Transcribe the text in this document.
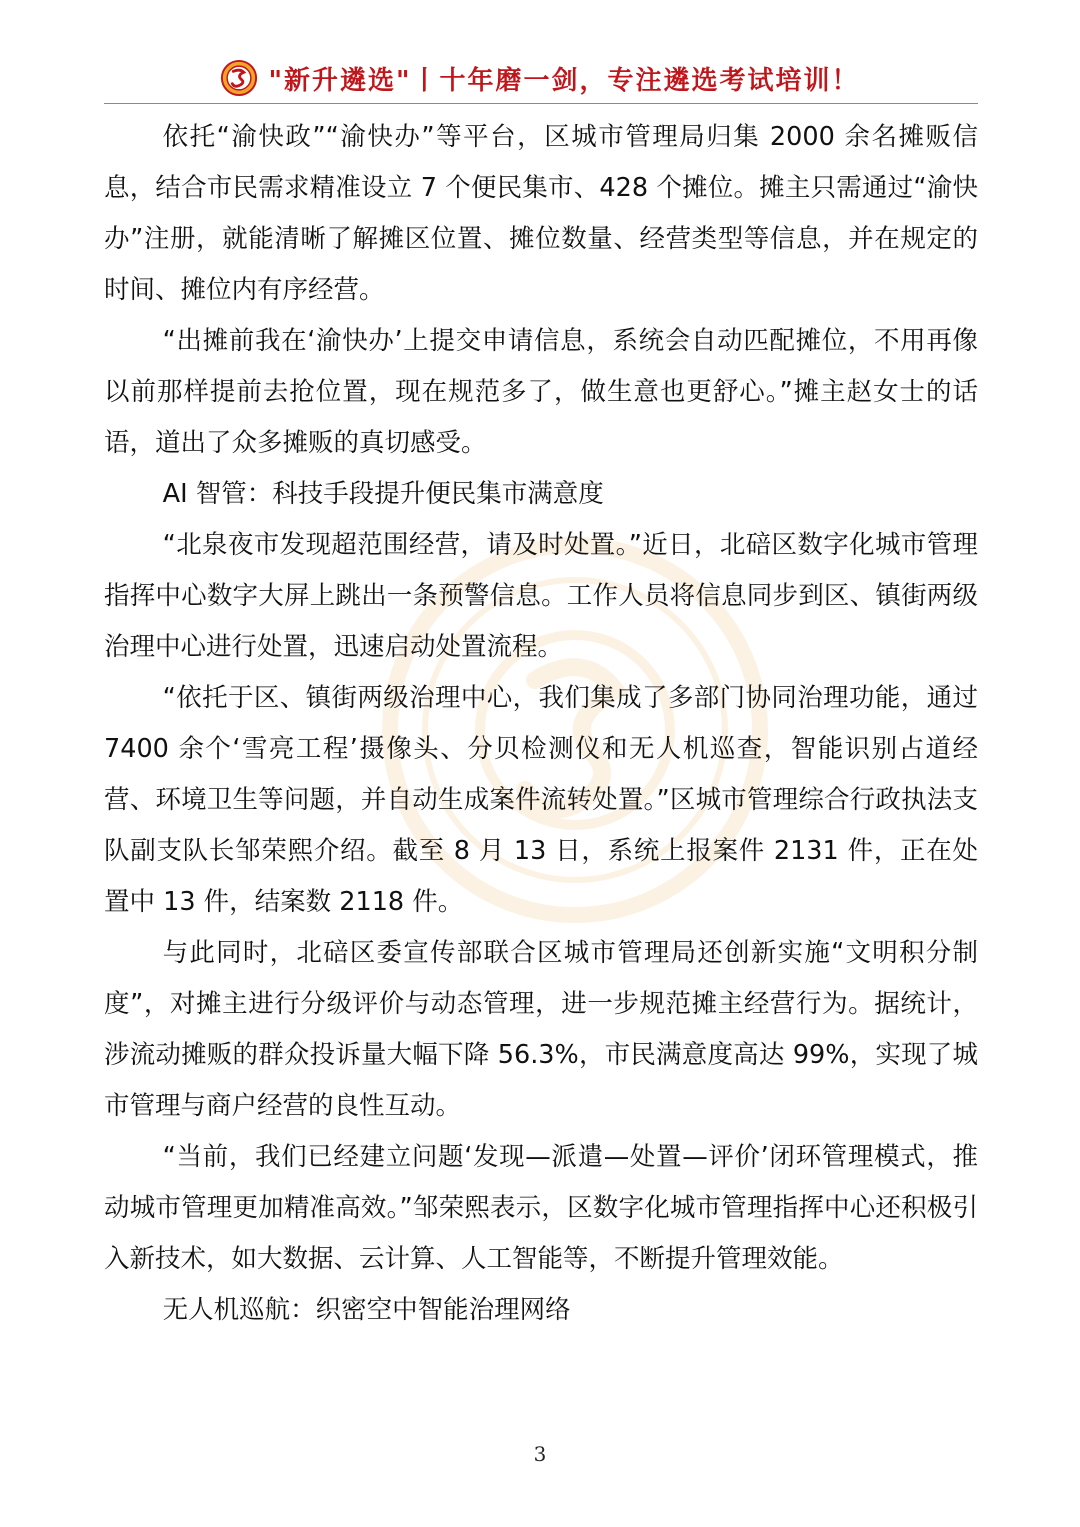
"新升遴选"丨十年磨一剑，专注遴选考试培训！

依托“渝快政”“渝快办”等平台，区城市管理局归集 2000 余名摊贩信息，结合市民需求精准设立 7 个便民集市、428 个摊位。摊主只需通过“渝快办”注册，就能清晰了解摊区位置、摊位数量、经营类型等信息，并在规定的时间、摊位内有序经营。

“出摊前我在‘渝快办’上提交申请信息，系统会自动匹配摊位，不用再像以前那样提前去抢位置，现在规范多了，做生意也更舒心。”摊主赵女士的话语，道出了众多摊贩的真切感受。

AI 智管：科技手段提升便民集市满意度

“北泉夜市发现超范围经营，请及时处置。”近日，北碚区数字化城市管理指挥中心数字大屏上跳出一条预警信息。工作人员将信息同步到区、镇街两级治理中心进行处置，迅速启动处置流程。

“依托于区、镇街两级治理中心，我们集成了多部门协同治理功能，通过 7400 余个‘雪亮工程’摄像头、分贝检测仪和无人机巡查，智能识别占道经营、环境卫生等问题，并自动生成案件流转处置。”区城市管理综合行政执法支队副支队长邹荣熙介绍。截至 8 月 13 日，系统上报案件 2131 件，正在处置中 13 件，结案数 2118 件。

与此同时，北碚区委宣传部联合区城市管理局还创新实施“文明积分制度”，对摊主进行分级评价与动态管理，进一步规范摊主经营行为。据统计，涉流动摊贩的群众投诉量大幅下降 56.3%，市民满意度高达 99%，实现了城市管理与商户经营的良性互动。

“当前，我们已经建立问题‘发现—派遣—处置—评价’闭环管理模式，推动城市管理更加精准高效。”邹荣熙表示，区数字化城市管理指挥中心还积极引入新技术，如大数据、云计算、人工智能等，不断提升管理效能。

无人机巡航：织密空中智能治理网络

3
